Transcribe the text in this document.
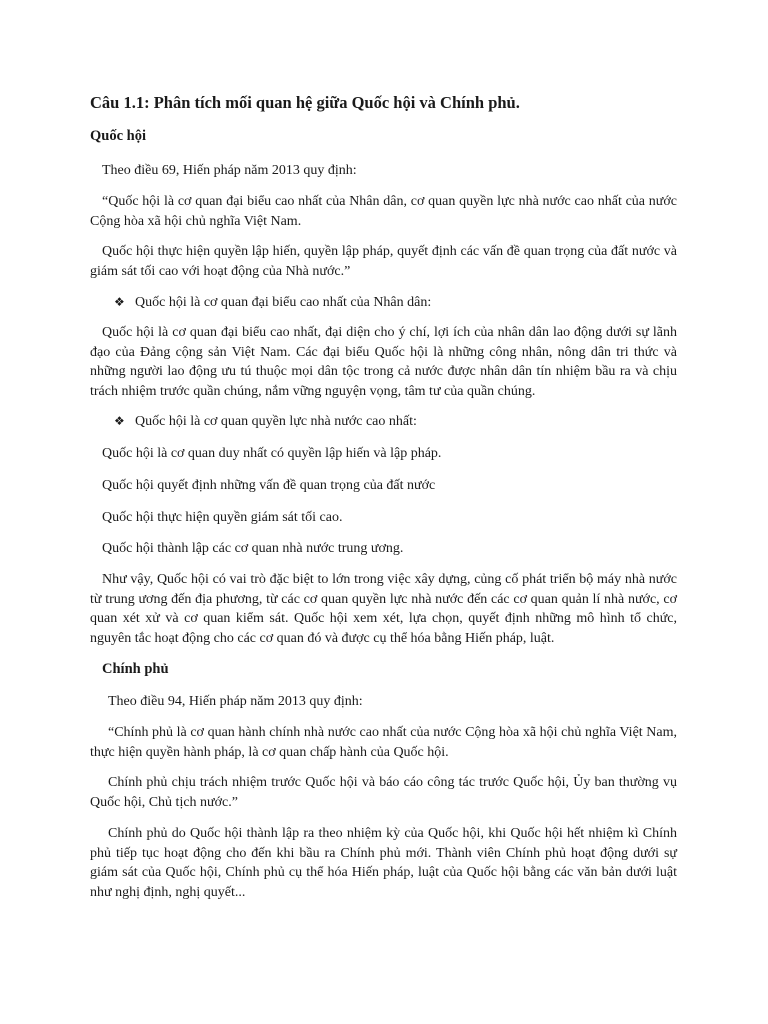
Câu 1.1: Phân tích mối quan hệ giữa Quốc hội và Chính phủ.
Quốc hội

Theo điều 69, Hiến pháp năm 2013 quy định:

“Quốc hội là cơ quan đại biểu cao nhất của Nhân dân, cơ quan quyền lực nhà nước cao nhất của nước Cộng hòa xã hội chủ nghĩa Việt Nam.

Quốc hội thực hiện quyền lập hiến, quyền lập pháp, quyết định các vấn đề quan trọng của đất nước và giám sát tối cao với hoạt động của Nhà nước.”

❖ Quốc hội là cơ quan đại biểu cao nhất của Nhân dân:

Quốc hội là cơ quan đại biểu cao nhất, đại diện cho ý chí, lợi ích của nhân dân lao động dưới sự lãnh đạo của Đảng cộng sản Việt Nam. Các đại biểu Quốc hội là những công nhân, nông dân tri thức và những người lao động ưu tú thuộc mọi dân tộc trong cả nước được nhân dân tín nhiệm bầu ra và chịu trách nhiệm trước quần chúng, nắm vững nguyện vọng, tâm tư của quần chúng.

❖ Quốc hội là cơ quan quyền lực nhà nước cao nhất:

Quốc hội là cơ quan duy nhất có quyền lập hiến và lập pháp.

Quốc hội quyết định những vấn đề quan trọng của đất nước

Quốc hội thực hiện quyền giám sát tối cao.

Quốc hội thành lập các cơ quan nhà nước trung ương.

Như vậy, Quốc hội có vai trò đặc biệt to lớn trong việc xây dựng, củng cố phát triển bộ máy nhà nước từ trung ương đến địa phương, từ các cơ quan quyền lực nhà nước đến các cơ quan quản lí nhà nước, cơ quan xét xử và cơ quan kiểm sát. Quốc hội xem xét, lựa chọn, quyết định những mô hình tổ chức, nguyên tắc hoạt động cho các cơ quan đó và được cụ thể hóa bằng Hiến pháp, luật.

Chính phủ

Theo điều 94, Hiến pháp năm 2013 quy định:

“Chính phủ là cơ quan hành chính nhà nước cao nhất của nước Cộng hòa xã hội chủ nghĩa Việt Nam, thực hiện quyền hành pháp, là cơ quan chấp hành của Quốc hội.

Chính phủ chịu trách nhiệm trước Quốc hội và báo cáo công tác trước Quốc hội, Ủy ban thường vụ Quốc hội, Chủ tịch nước.”

Chính phủ do Quốc hội thành lập ra theo nhiệm kỳ của Quốc hội, khi Quốc hội hết nhiệm kì Chính phủ tiếp tục hoạt động cho đến khi bầu ra Chính phủ mới. Thành viên Chính phủ hoạt động dưới sự giám sát của Quốc hội, Chính phủ cụ thể hóa Hiến pháp, luật của Quốc hội bằng các văn bản dưới luật như nghị định, nghị quyết...
